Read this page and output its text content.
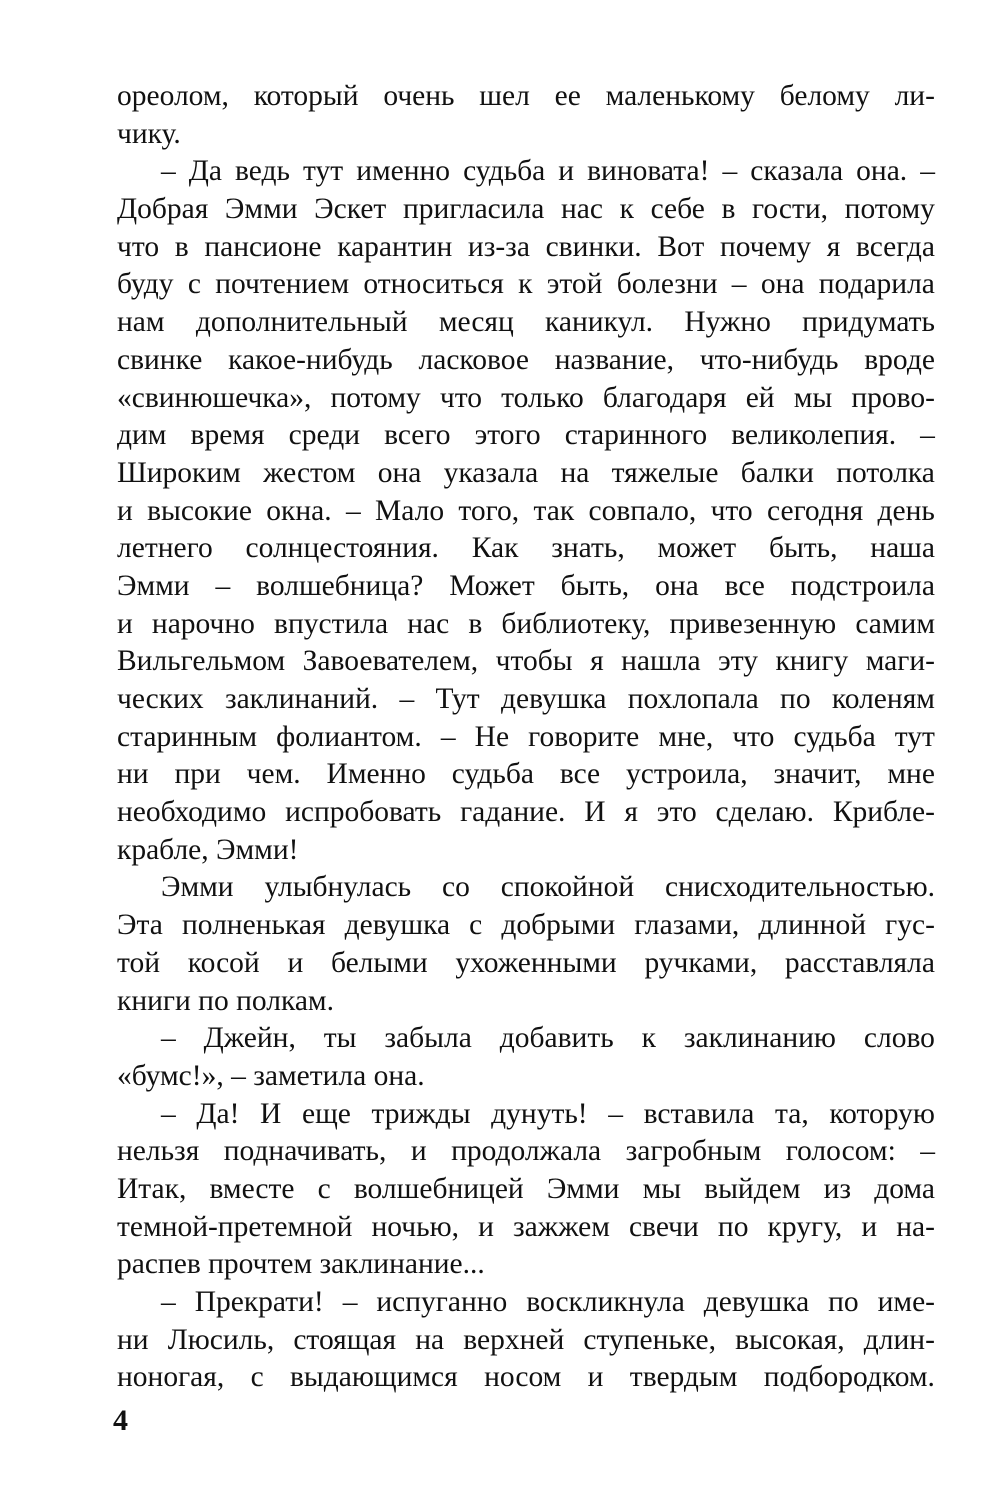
ореолом, который очень шел ее маленькому белому ли-
чику.
– Да ведь тут именно судьба и виновата! – сказала она. –
Добрая Эмми Эскет пригласила нас к себе в гости, потому
что в пансионе карантин из-за свинки. Вот почему я всегда
буду с почтением относиться к этой болезни – она подарила
нам дополнительный месяц каникул. Нужно придумать
свинке какое-нибудь ласковое название, что-нибудь вроде
«свинюшечка», потому что только благодаря ей мы прово-
дим время среди всего этого старинного великолепия. –
Широким жестом она указала на тяжелые балки потолка
и высокие окна. – Мало того, так совпало, что сегодня день
летнего солнцестояния. Как знать, может быть, наша
Эмми – волшебница? Может быть, она все подстроила
и нарочно впустила нас в библиотеку, привезенную самим
Вильгельмом Завоевателем, чтобы я нашла эту книгу маги-
ческих заклинаний. – Тут девушка похлопала по коленям
старинным фолиантом. – Не говорите мне, что судьба тут
ни при чем. Именно судьба все устроила, значит, мне
необходимо испробовать гадание. И я это сделаю. Крибле-
крабле, Эмми!
Эмми улыбнулась со спокойной снисходительностью.
Эта полненькая девушка с добрыми глазами, длинной гус-
той косой и белыми ухоженными ручками, расставляла
книги по полкам.
– Джейн, ты забыла добавить к заклинанию слово
«бумс!», – заметила она.
– Да! И еще трижды дунуть! – вставила та, которую
нельзя подначивать, и продолжала загробным голосом: –
Итак, вместе с волшебницей Эмми мы выйдем из дома
темной-претемной ночью, и зажжем свечи по кругу, и на-
распев прочтем заклинание...
– Прекрати! – испуганно воскликнула девушка по име-
ни Люсиль, стоящая на верхней ступеньке, высокая, длин-
ноногая, с выдающимся носом и твердым подбородком.
4
